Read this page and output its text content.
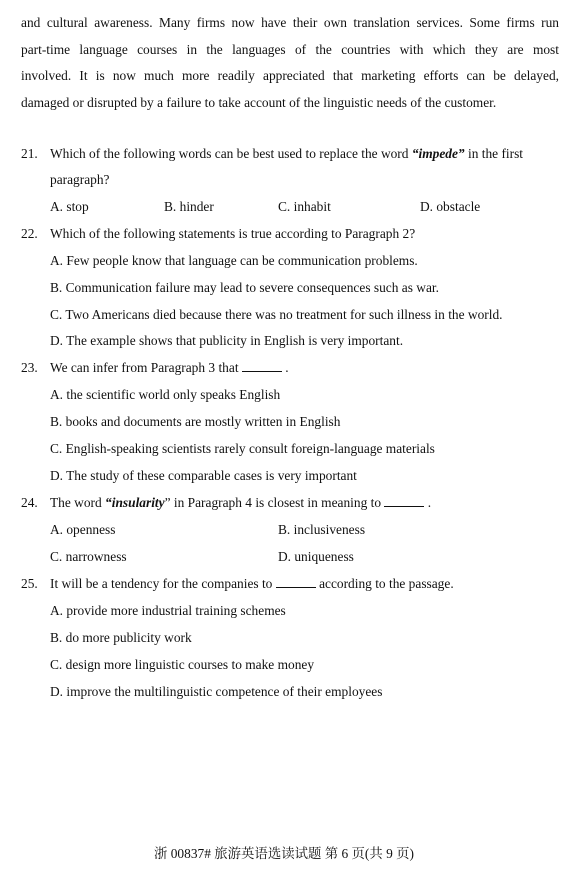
and cultural awareness. Many firms now have their own translation services. Some firms run
part-time language courses in the languages of the countries with which they are most
involved. It is now much more readily appreciated that marketing efforts can be delayed,
damaged or disrupted by a failure to take account of the linguistic needs of the customer.
21. Which of the following words can be best used to replace the word “impede” in the first
paragraph?
A. stop	B. hinder	C. inhabit	D. obstacle
22. Which of the following statements is true according to Paragraph 2?
A. Few people know that language can be communication problems.
B. Communication failure may lead to severe consequences such as war.
C. Two Americans died because there was no treatment for such illness in the world.
D. The example shows that publicity in English is very important.
23. We can infer from Paragraph 3 that	.
A. the scientific world only speaks English
B. books and documents are mostly written in English
C. English-speaking scientists rarely consult foreign-language materials
D. The study of these comparable cases is very important
24. The word “insularity” in Paragraph 4 is closest in meaning to	.
A. openness	B. inclusiveness
C. narrowness	D. uniqueness
25. It will be a tendency for the companies to	according to the passage.
A. provide more industrial training schemes
B. do more publicity work
C. design more linguistic courses to make money
D. improve the multilinguistic competence of their employees
浙 00837# 旅游英语选读试题 第 6 页(共 9 页)
